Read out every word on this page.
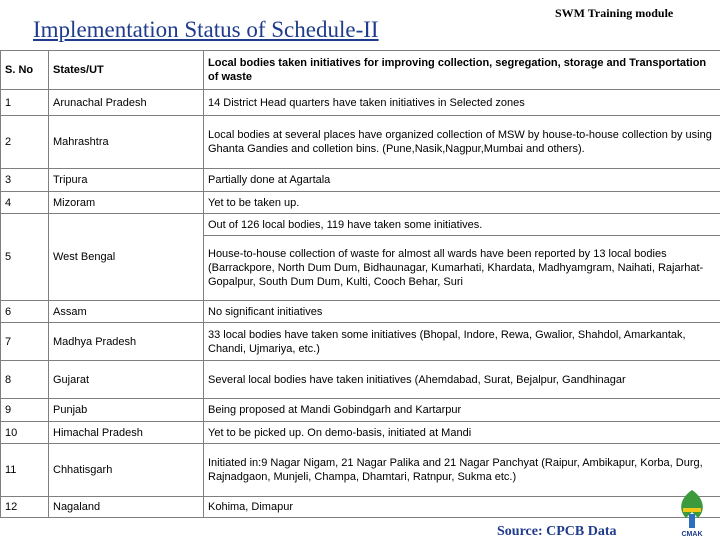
SWM Training module
Implementation Status of Schedule-II
S. No	States/UT	Local bodies taken initiatives for improving collection, segregation, storage and Transportation of waste
1	Arunachal Pradesh	14 District Head quarters have taken initiatives in Selected zones
2	Mahrashtra	Local bodies at several places have organized collection of MSW by house-to-house collection by using Ghanta Gandies and colletion bins. (Pune,Nasik,Nagpur,Mumbai and others).
3	Tripura	Partially done at Agartala
4	Mizoram	Yet to be taken up.
5	West Bengal	Out of 126 local bodies, 119 have taken some initiatives.
		House-to-house collection of waste for almost all wards have been reported by 13 local bodies (Barrackpore, North Dum Dum, Bidhaunagar, Kumarhati, Khardata, Madhyamgram, Naihati, Rajarhat-Gopalpur, South Dum Dum, Kulti, Cooch Behar, Suri
6	Assam	No significant initiatives
7	Madhya Pradesh	33 local bodies have taken some initiatives (Bhopal, Indore, Rewa, Gwalior, Shahdol, Amarkantak, Chandi, Ujmariya, etc.)
8	Gujarat	Several local bodies have taken initiatives (Ahemdabad, Surat, Bejalpur, Gandhinagar
9	Punjab	Being proposed at Mandi Gobindgarh and Kartarpur
10	Himachal Pradesh	Yet to be picked up. On demo-basis, initiated at Mandi
11	Chhatisgarh	Initiated in:9 Nagar Nigam, 21 Nagar Palika and 21 Nagar Panchyat (Raipur, Ambikapur, Korba, Durg, Rajnadgaon, Munjeli, Champa, Dhamtari, Ratnpur, Sukma etc.)
12	Nagaland	Kohima, Dimapur
Source: CPCB Data	CMAK
